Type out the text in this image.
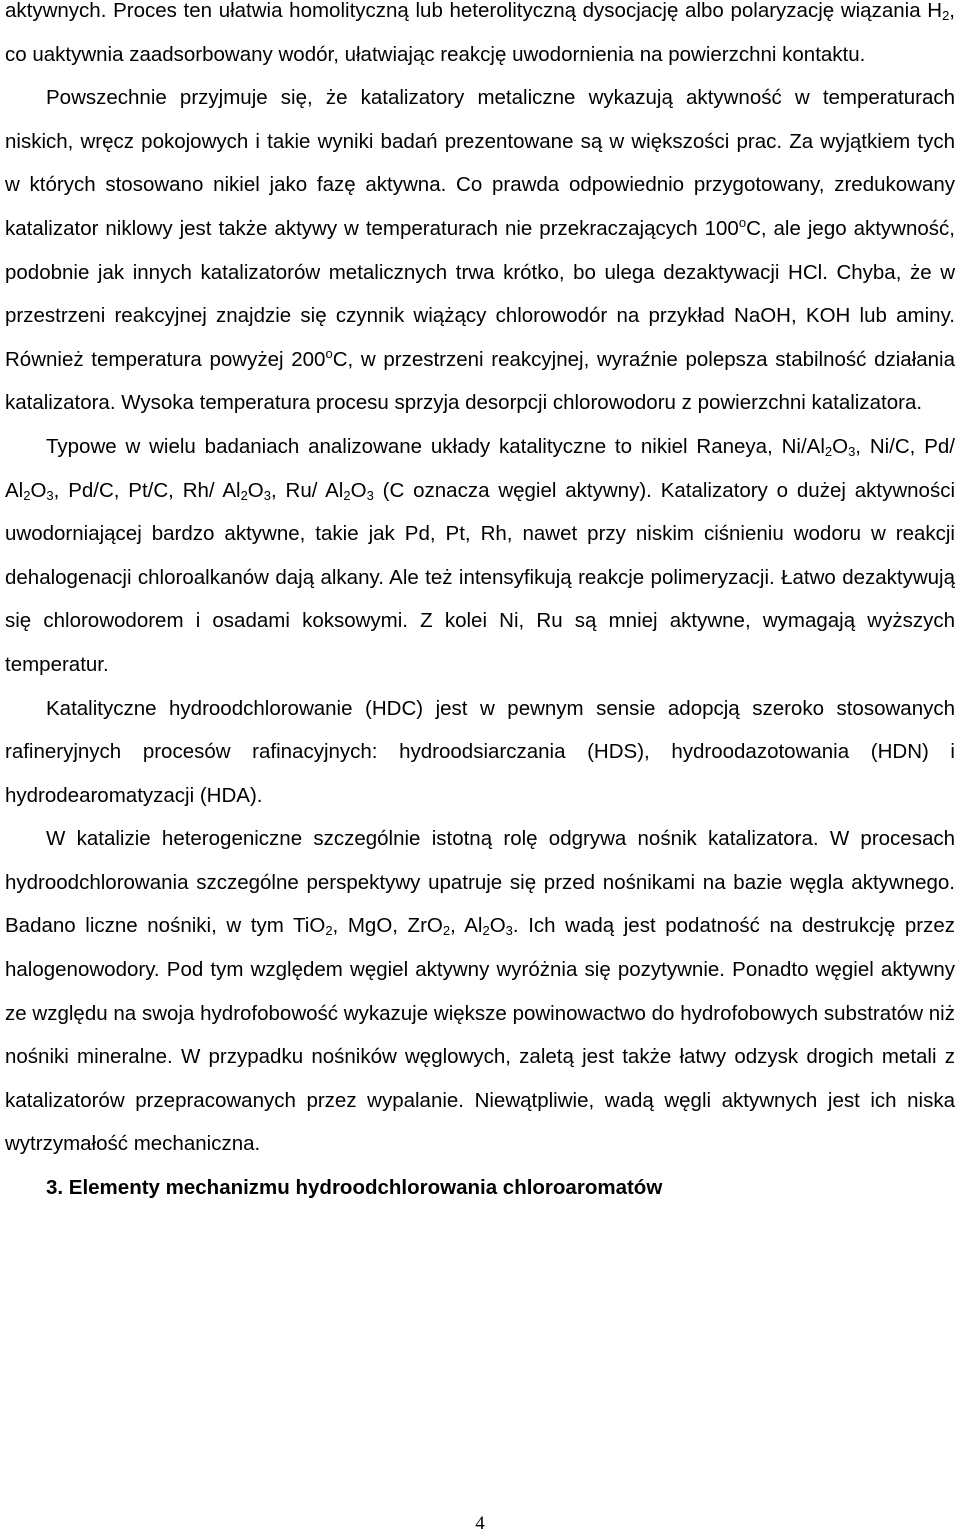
aktywnych. Proces ten ułatwia homolityczną lub heterolityczną dysocjację albo polaryzację wiązania $H_2$, co uaktywnia zaadsorbowany wodór, ułatwiając reakcję uwodornienia na powierzchni kontaktu.

Powszechnie przyjmuje się, że katalizatory metaliczne wykazują aktywność w temperaturach niskich, wręcz pokojowych i takie wyniki badań prezentowane są w większości prac. Za wyjątkiem tych w których stosowano nikiel jako fazę aktywna. Co prawda odpowiednio przygotowany, zredukowany katalizator niklowy jest także aktywy w temperaturach nie przekraczających 100$^o$C, ale jego aktywność, podobnie jak innych katalizatorów metalicznych trwa krótko, bo ulega dezaktywacji HCl. Chyba, że w przestrzeni reakcyjnej znajdzie się czynnik wiążący chlorowodór na przykład NaOH, KOH lub aminy. Również temperatura powyżej 200$^o$C, w przestrzeni reakcyjnej, wyraźnie polepsza stabilność działania katalizatora. Wysoka temperatura procesu sprzyja desorpcji chlorowodoru z powierzchni katalizatora.

Typowe w wielu badaniach analizowane układy katalityczne to nikiel Raneya, $Ni/Al_2O_3$, Ni/C, Pd/ $Al_2O_3$, Pd/C, Pt/C, Rh/ $Al_2O_3$, Ru/ $Al_2O_3$ (C oznacza węgiel aktywny). Katalizatory o dużej aktywności uwodorniającej bardzo aktywne, takie jak Pd, Pt, Rh, nawet przy niskim ciśnieniu wodoru w reakcji dehalogenacji chloroalkanów dają alkany. Ale też intensyfikują reakcje polimeryzacji. Łatwo dezaktywują się chlorowodorem i osadami koksowymi. Z kolei Ni, Ru są mniej aktywne, wymagają wyższych temperatur.

Katalityczne hydroodchlorowanie (HDC) jest w pewnym sensie adopcją szeroko stosowanych rafineryjnych procesów rafinacyjnych: hydroodsiarczania (HDS), hydroodazotowania (HDN) i hydrodearomatyzacji (HDA).

W katalizie heterogeniczne szczególnie istotną rolę odgrywa nośnik katalizatora. W procesach hydroodchlorowania szczególne perspektywy upatruje się przed nośnikami na bazie węgla aktywnego. Badano liczne nośniki, w tym TiO$_2$, MgO, ZrO$_2$, $Al_2O_3$. Ich wadą jest podatność na destrukcję przez halogenowodory. Pod tym względem węgiel aktywny wyróżnia się pozytywnie. Ponadto węgiel aktywny ze względu na swoja hydrofobowość wykazuje większe powinowactwo do hydrofobowych substratów niż nośniki mineralne. W przypadku nośników węglowych, zaletą jest także łatwy odzysk drogich metali z katalizatorów przepracowanych przez wypalanie. Niewątpliwie, wadą węgli aktywnych jest ich niska wytrzymałość mechaniczna.

3. Elementy mechanizmu hydroodchlorowania chloroaromatów
4
